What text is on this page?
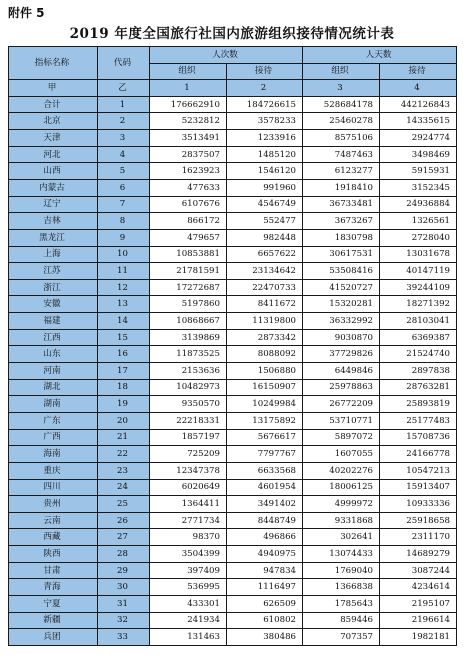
附件 5
2019 年度全国旅行社国内旅游组织接待情况统计表
指标名称	代码	人次数		人天数	
		组织	接待	组织	接待
甲	乙	1	2	3	4
合计	1	176662910	184726615	528684178	442126843
北京	2	5232812	3578233	25460278	14335615
天津	3	3513491	1233916	8575106	2924774
河北	4	2837507	1485120	7487463	3498469
山西	5	1623923	1546120	6123277	5915931
内蒙古	6	477633	991960	1918410	3152345
辽宁	7	6107676	4546749	36733481	24936884
吉林	8	866172	552477	3673267	1326561
黑龙江	9	479657	982448	1830798	2728040
上海	10	10853881	6657622	30617531	13031678
江苏	11	21781591	23134642	53508416	40147119
浙江	12	17272687	22470733	41520727	39244109
安徽	13	5197860	8411672	15320281	18271392
福建	14	10868667	11319800	36332992	28103041
江西	15	3139869	2873342	9030870	6369387
山东	16	11873525	8088092	37729826	21524740
河南	17	2153636	1506880	6449846	2897838
湖北	18	10482973	16150907	25978863	28763281
湖南	19	9350570	10249984	26772209	25893819
广东	20	22218331	13175892	53710771	25177483
广西	21	1857197	5676617	5897072	15708736
海南	22	725209	7797767	1607055	24166778
重庆	23	12347378	6633568	40202276	10547213
四川	24	6020649	4601954	18006125	15913407
贵州	25	1364411	3491402	4999972	10933336
云南	26	2771734	8448749	9331868	25918658
西藏	27	98370	496866	302641	2311170
陕西	28	3504399	4940975	13074433	14689279
甘肃	29	397409	947834	1769040	3087244
青海	30	536995	1116497	1366838	4234614
宁夏	31	433301	626509	1785643	2195107
新疆	32	241934	610802	859446	2196614
兵团	33	131463	380486	707357	1982181
